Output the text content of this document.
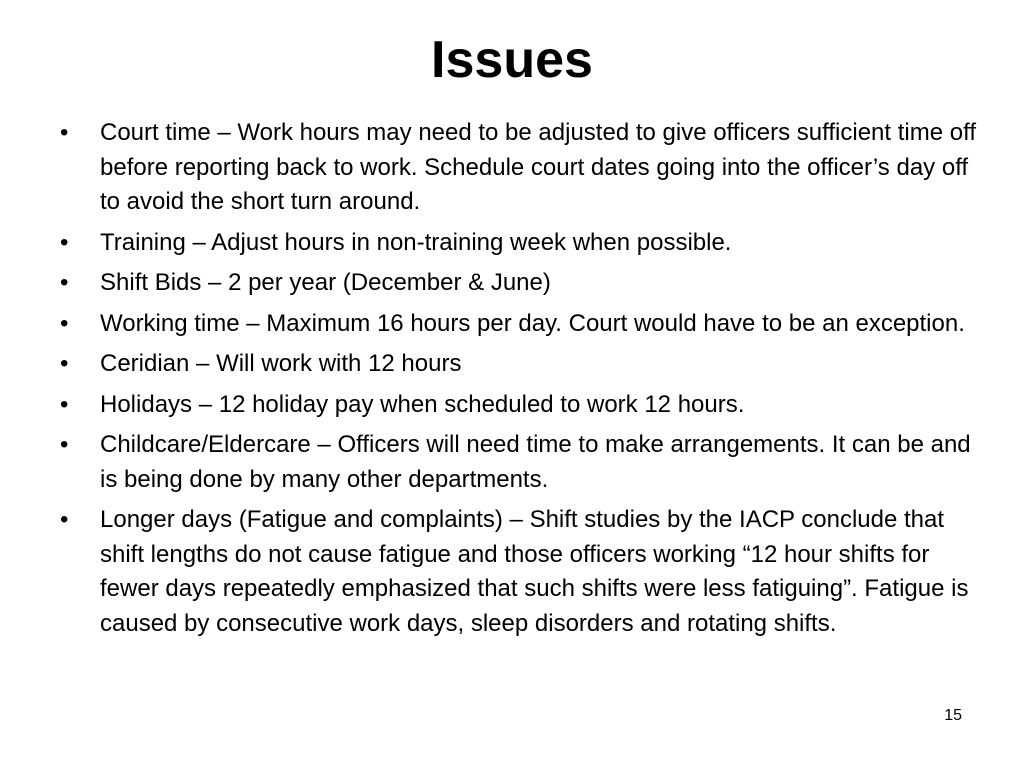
Issues
•	Court time – Work hours may need to be adjusted to give officers sufficient time off before reporting back to work. Schedule court dates going into the officer’s day off to avoid the short turn around.
•	Training – Adjust hours in non-training week when possible.
•	Shift Bids – 2 per year (December & June)
•	Working time – Maximum 16 hours per day. Court would have to be an exception.
•	Ceridian – Will work with 12 hours
•	Holidays – 12 holiday pay when scheduled to work 12 hours.
•	Childcare/Eldercare – Officers will need time to make arrangements. It can be and is being done by many other departments.
•	Longer days (Fatigue and complaints) – Shift studies by the IACP conclude that shift lengths do not cause fatigue and those officers working “12 hour shifts for fewer days repeatedly emphasized that such shifts were less fatiguing”. Fatigue is caused by consecutive work days, sleep disorders and rotating shifts.
15
